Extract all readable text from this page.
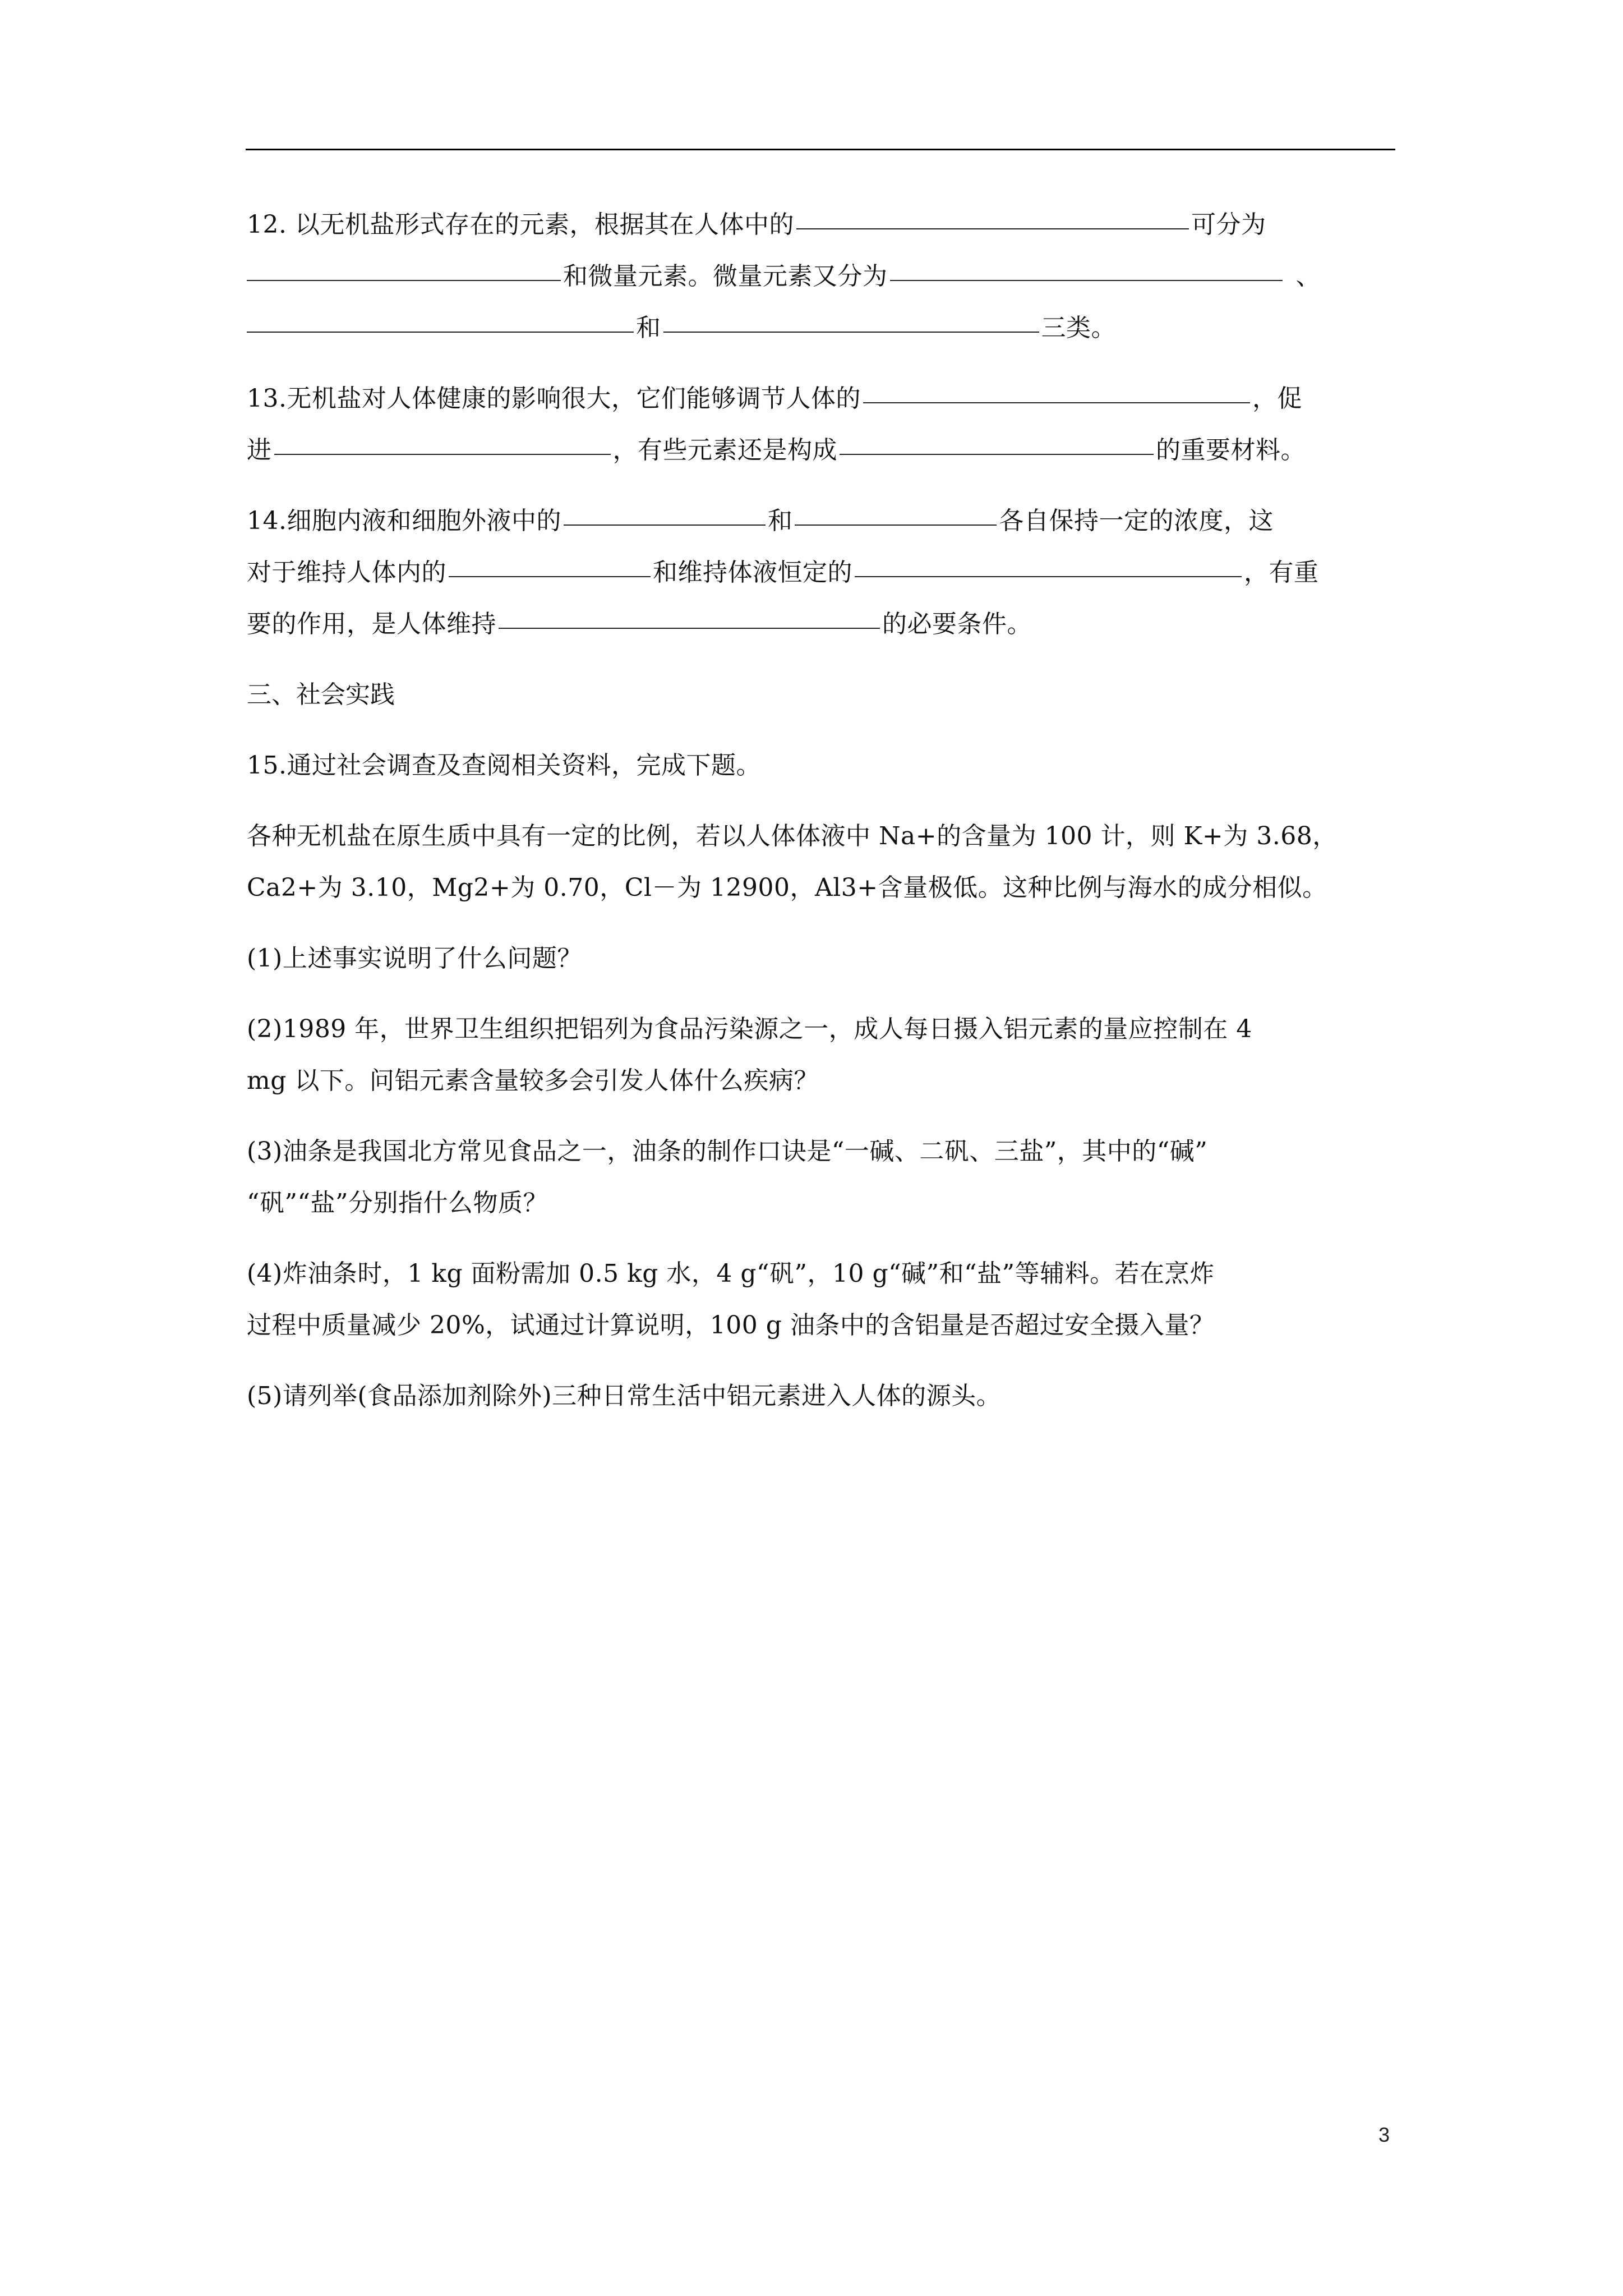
12. 以无机盐形式存在的元素，根据其在人体中的	可分为
和微量元素。微量元素又分为	、
和	三类。
13.无机盐对人体健康的影响很大，它们能够调节人体的	，促
进	，有些元素还是构成	的重要材料。
14.细胞内液和细胞外液中的	和	各自保持一定的浓度，这
对于维持人体内的	和维持体液恒定的	，有重
要的作用，是人体维持	的必要条件。
三、社会实践
15.通过社会调查及查阅相关资料，完成下题。
各种无机盐在原生质中具有一定的比例，若以人体体液中 Na+的含量为 100 计，则 K+为 3.68，
Ca2+为 3.10，Mg2+为 0.70，Cl－为 12900，Al3+含量极低。这种比例与海水的成分相似。
(1)上述事实说明了什么问题？
(2)1989 年，世界卫生组织把铝列为食品污染源之一，成人每日摄入铝元素的量应控制在 4
mg 以下。问铝元素含量较多会引发人体什么疾病？
(3)油条是我国北方常见食品之一，油条的制作口诀是“一碱、二矾、三盐”，其中的“碱”
“矾”“盐”分别指什么物质？
(4)炸油条时，1 kg 面粉需加 0.5 kg 水，4 g“矾”，10 g“碱”和“盐”等辅料。若在烹炸
过程中质量减少 20%，试通过计算说明，100 g 油条中的含铝量是否超过安全摄入量？
(5)请列举(食品添加剂除外)三种日常生活中铝元素进入人体的源头。
3
